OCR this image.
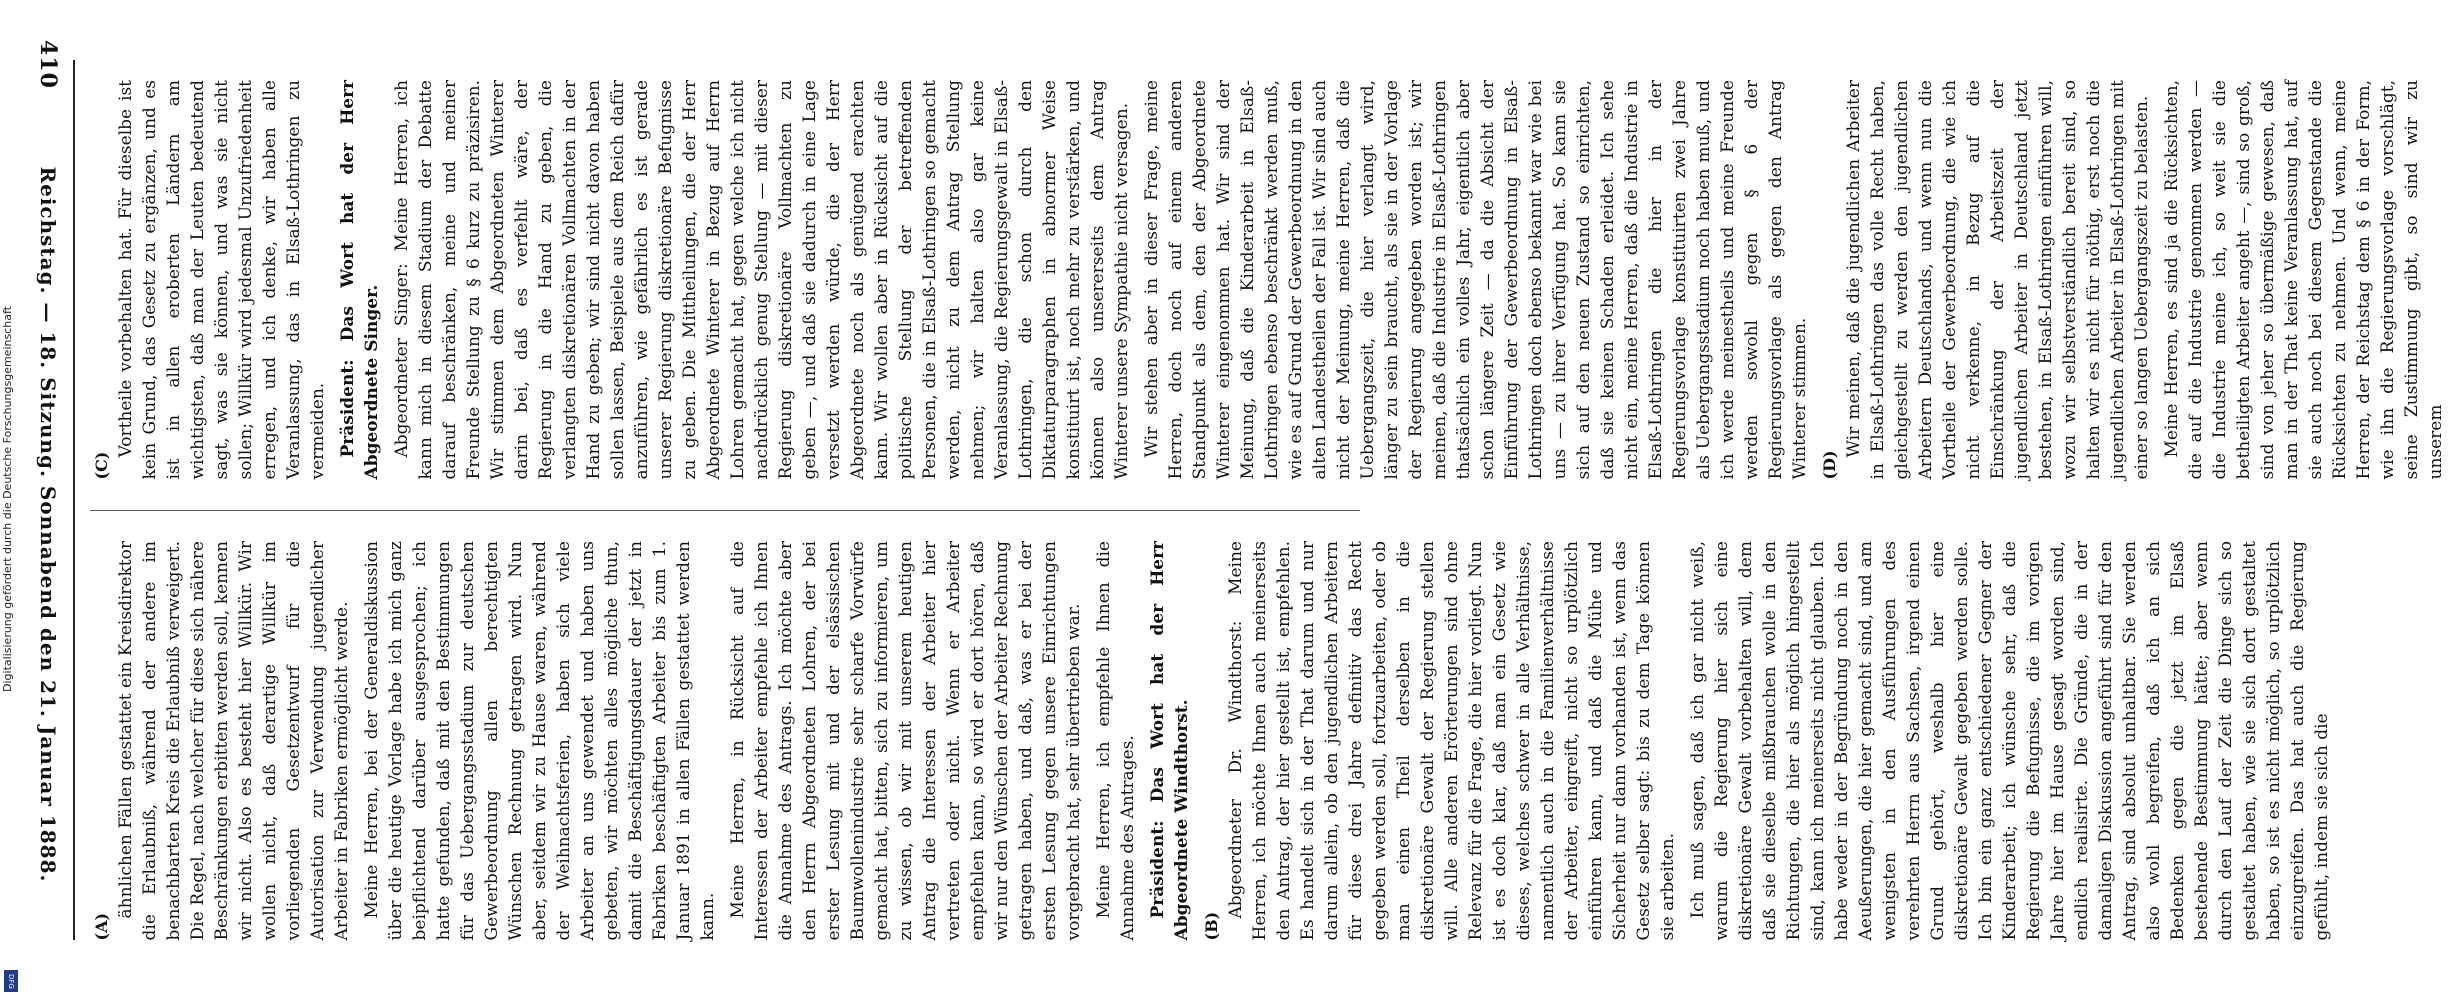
410
Reichstag. — 18. Sitzung. Sonnabend den 21. Januar 1888. (C)

Vortheile vorbehalten hat. Für dieselbe ist kein Grund, das Gesetz zu ergänzen, und es ist in allen eroberten Ländern am wichtigsten, daß man der Leuten bedeutend sagt, was sie können, und was sie nicht sollen; Willkür wird jedesmal Unzufriedenheit erregen, und ich denke, wir haben alle Veranlassung, das in Elsaß-Lothringen zu vermeiden. Präsident: Das Wort hat der Herr Abgeordnete Singer. Abgeordneter Singer: Meine Herren, ich kann mich in diesem Stadium der Debatte darauf beschränken, meine und meiner Freunde Stellung zu § 6 kurz zu präzisiren. Wir stimmen dem Abgeordneten Winterer darin bei, daß es verfehlt wäre, der Regierung in die Hand zu geben, die verlangten diskretionären Vollmachten in der Hand zu geben; wir sind nicht davon haben sollen lassen, Beispiele aus dem Reich dafür anzuführen, wie gefährlich es ist gerade unserer Regierung diskretionäre Befugnisse zu geben. Die Mittheilungen, die der Herr Abgeordnete Winterer in Bezug auf Herrn Lohren gemacht hat, gegen welche ich nicht nachdrücklich genug Stellung — mit dieser Regierung diskretionäre Vollmachten zu geben —, und daß sie dadurch in eine Lage versetzt werden würde, die der Herr Abgeordnete noch als genügend erachten kann. Wir wollen aber in Rücksicht auf die politische Stellung der betreffenden Personen, die in Elsaß-Lothringen so gemacht werden, nicht zu dem Antrag Stellung nehmen; wir halten also gar keine Veranlassung, die Regierungsgewalt in Elsaß-Lothringen, die schon durch den Diktaturparagraphen in abnormer Weise konstituirt ist, noch mehr zu verstärken, und können also unsererseits dem Antrag Winterer unsere Sympathie nicht versagen. Wir stehen aber in dieser Frage, meine Herren, doch noch auf einem anderen Standpunkt als dem, den der Abgeordnete Winterer eingenommen hat. Wir sind der Meinung, daß die Kinderarbeit in Elsaß-Lothringen ebenso beschränkt werden muß, wie es auf Grund der Gewerbeordnung in den alten Landestheilen der Fall ist. Wir sind auch nicht der Meinung, meine Herren, daß die Uebergangszeit, die hier verlangt wird, länger zu sein braucht, als sie in der Vorlage der Regierung angegeben worden ist; wir meinen, daß die Industrie in Elsaß-Lothringen thatsächlich ein volles Jahr, eigentlich aber schon längere Zeit — da die Absicht der Einführung der Gewerbeordnung in Elsaß-Lothringen doch ebenso bekannt war wie bei uns — zu ihrer Verfügung hat. So kann sie sich auf den neuen Zustand so einrichten, daß sie keinen Schaden erleidet. Ich sehe nicht ein, meine Herren, daß die Industrie in Elsaß-Lothringen die hier in der Regierungsvorlage konstituirten zwei Jahre als Uebergangsstadium noch haben muß, und ich werde meinestheils und meine Freunde werden sowohl gegen § 6 der Regierungsvorlage als gegen den Antrag Winterer stimmen. (D)

Wir meinen, daß die jugendlichen Arbeiter in Elsaß-Lothringen das volle Recht haben, gleichgestellt zu werden den jugendlichen Arbeitern Deutschlands, und wenn nun die Vortheile der Gewerbeordnung, die wie ich nicht verkenne, in Bezug auf die Einschränkung der Arbeitszeit der jugendlichen Arbeiter in Deutschland jetzt bestehen, in Elsaß-Lothringen einführen will, wozu wir selbstverständlich bereit sind, so halten wir es nicht für nöthig, erst noch die jugendlichen Arbeiter in Elsaß-Lothringen mit einer so langen Uebergangszeit zu belasten. Meine Herren, es sind ja die Rücksichten, die auf die Industrie genommen werden — die Industrie meine ich, so weit sie die betheiligten Arbeiter angeht —, sind so groß, sind von jeher so übermäßige gewesen, daß man in der That keine Veranlassung hat, auf sie auch noch bei diesem Gegenstande die Rücksichten zu nehmen. Und wenn, meine Herren, der Reichstag dem § 6 in der Form, wie ihn die Regierungsvorlage vorschlägt, seine Zustimmung gibt, so sind wir zu unserem

(A)

ähnlichen Fällen gestattet ein Kreisdirektor die Erlaubniß, während der andere im benachbarten Kreis die Erlaubniß verweigert. Die Regel, nach welcher für diese sich nähere Beschränkungen erbitten werden soll, kennen wir nicht. Also es besteht hier Willkür. Wir wollen nicht, daß derartige Willkür im vorliegenden Gesetzentwurf für die Autorisation zur Verwendung jugendlicher Arbeiter in Fabriken ermöglicht werde. Meine Herren, bei der Generaldiskussion über die heutige Vorlage habe ich mich ganz beipflichtend darüber ausgesprochen; ich hatte gefunden, daß mit den Bestimmungen für das Uebergangsstadium zur deutschen Gewerbeordnung allen berechtigten Wünschen Rechnung getragen wird. Nun aber, seitdem wir zu Hause waren, während der Weihnachtsferien, haben sich viele Arbeiter an uns gewendet und haben uns gebeten, wir möchten alles mögliche thun, damit die Beschäftigungsdauer der jetzt in Fabriken beschäftigten Arbeiter bis zum 1. Januar 1891 in allen Fällen gestattet werden kann. Meine Herren, in Rücksicht auf die Interessen der Arbeiter empfehle ich Ihnen die Annahme des Antrags. Ich möchte aber den Herrn Abgeordneten Lohren, der bei erster Lesung mit und der elsässischen Baumwollenindustrie sehr scharfe Vorwürfe gemacht hat, bitten, sich zu informieren, um zu wissen, ob wir mit unserem heutigen Antrag die Interessen der Arbeiter hier vertreten oder nicht. Wenn er Arbeiter empfehlen kann, so wird er dort hören, daß wir nur den Wünschen der Arbeiter Rechnung getragen haben, und daß, was er bei der ersten Lesung gegen unsere Einrichtungen vorgebracht hat, sehr übertrieben war. Meine Herren, ich empfehle Ihnen die Annahme des Antrages. Präsident: Das Wort hat der Herr Abgeordnete Windthorst. (B)

Abgeordneter Dr. Windthorst: Meine Herren, ich möchte Ihnen auch meinerseits den Antrag, der hier gestellt ist, empfehlen. Es handelt sich in der That darum und nur darum allein, ob den jugendlichen Arbeitern für diese drei Jahre definitiv das Recht gegeben werden soll, fortzuarbeiten, oder ob man einen Theil derselben in die diskretionäre Gewalt der Regierung stellen will. Alle anderen Erörterungen sind ohne Relevanz für die Frage, die hier vorliegt. Nun ist es doch klar, daß man ein Gesetz wie dieses, welches schwer in alle Verhältnisse, namentlich auch in die Familienverhältnisse der Arbeiter, eingreift, nicht so urplötzlich einführen kann, und daß die Mühe und Sicherheit nur dann vorhanden ist, wenn das Gesetz selber sagt: bis zu dem Tage können sie arbeiten. Ich muß sagen, daß ich gar nicht weiß, warum die Regierung hier sich eine diskretionäre Gewalt vorbehalten will, dem daß sie dieselbe mißbrauchen wolle in den Richtungen, die hier als möglich hingestellt sind, kann ich meinerseits nicht glauben. Ich habe weder in der Begründung noch in den Aeußerungen, die hier gemacht sind, und am wenigsten in den Ausführungen des verehrten Herrn aus Sachsen, irgend einen Grund gehört, weshalb hier eine diskretionäre Gewalt gegeben werden solle. Ich bin ein ganz entschiedener Gegner der Kinderarbeit; ich wünsche sehr, daß die Regierung die Befugnisse, die im vorigen Jahre hier im Hause gesagt worden sind, endlich realisirte. Die Gründe, die in der damaligen Diskussion angeführt sind für den Antrag, sind absolut unhaltbar. Sie werden also wohl begreifen, daß ich an sich Bedenken gegen die jetzt im Elsaß bestehende Bestimmung hätte; aber wenn durch den Lauf der Zeit die Dinge sich so gestaltet haben, wie sie sich dort gestaltet haben, so ist es nicht möglich, so urplötzlich einzugreifen. Das hat auch die Regierung gefühlt, indem sie sich die

Digitalisierung gefördert durch die Deutsche Forschungsgemeinschaft
DFG
